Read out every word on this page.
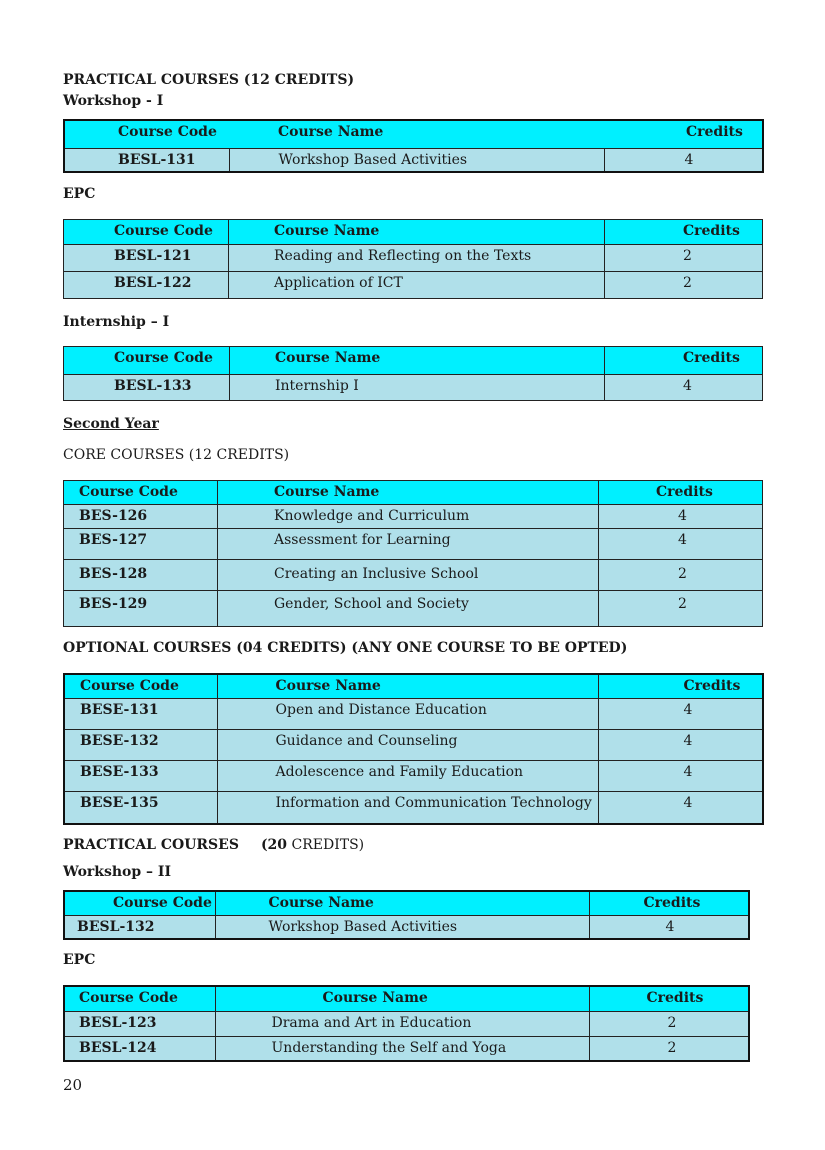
PRACTICAL COURSES (12 CREDITS)
Workshop - I
Course Code	Course Name	Credits

BESL-131	Workshop Based Activities	4
EPC
Course Code	Course Name	Credits

BESL-121	Reading and Reflecting on the Texts	2

BESL-122	Application of ICT	2
Internship – I
Course Code	Course Name	Credits

BESL-133	Internship I	4
Second Year
CORE COURSES (12 CREDITS)
Course Code	Course Name	Credits

BES-126	Knowledge and Curriculum	4

BES-127	Assessment for Learning	4

BES-128	Creating an Inclusive School	2

BES-129	Gender, School and Society	2
OPTIONAL COURSES (04 CREDITS) (ANY ONE COURSE TO BE OPTED)
Course Code	Course Name	Credits

BESE-131	Open and Distance Education	4

BESE-132	Guidance and Counseling	4

BESE-133	Adolescence and Family Education	4

BESE-135	Information and Communication Technology	4
PRACTICAL COURSES (20 CREDITS)
Workshop – II
Course Code	Course Name	Credits

BESL-132	Workshop Based Activities	4
EPC
Course Code	Course Name	Credits

BESL-123	Drama and Art in Education	2

BESL-124	Understanding the Self and Yoga	2
20
